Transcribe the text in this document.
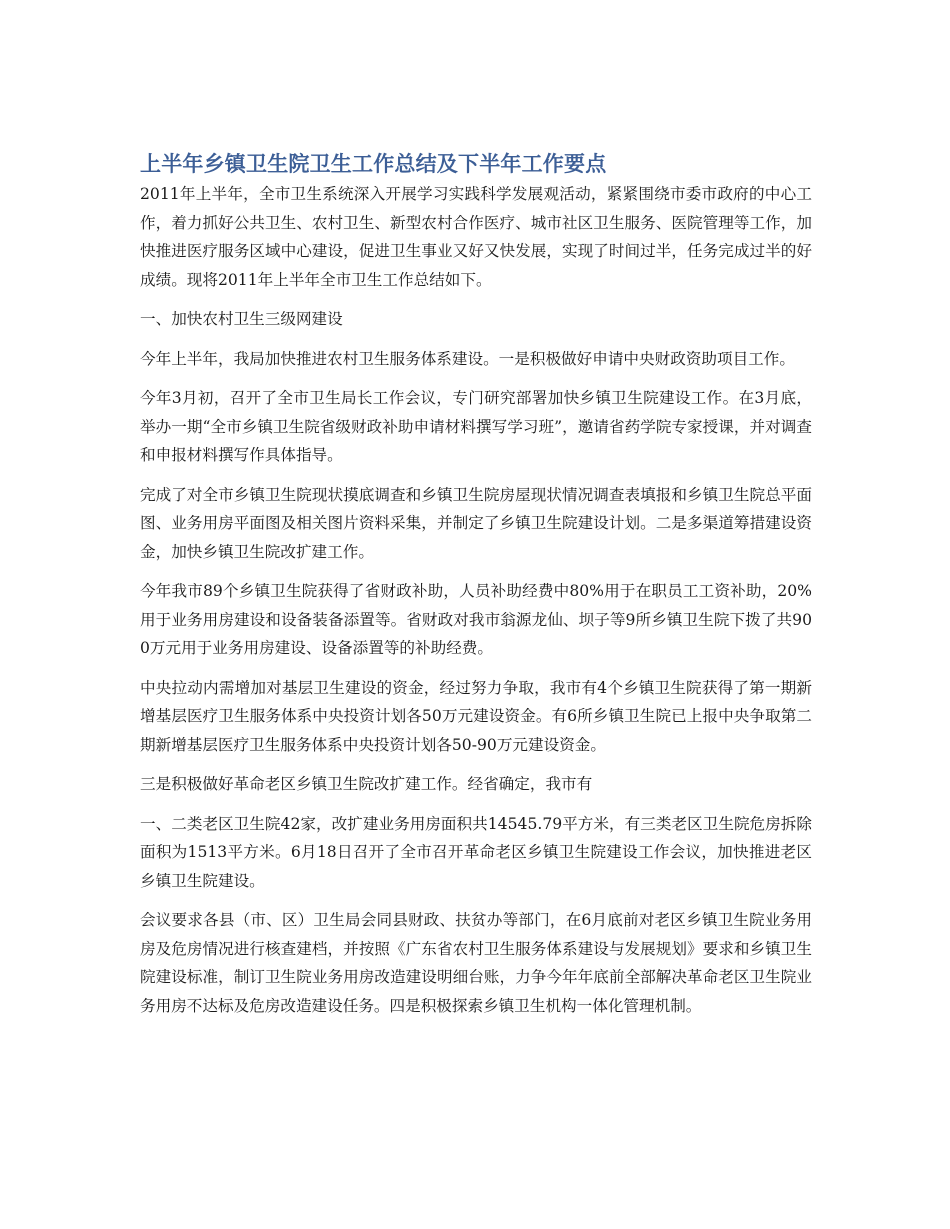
上半年乡镇卫生院卫生工作总结及下半年工作要点

2011年上半年，全市卫生系统深入开展学习实践科学发展观活动，紧紧围绕市委市政府的中心工作，着力抓好公共卫生、农村卫生、新型农村合作医疗、城市社区卫生服务、医院管理等工作，加快推进医疗服务区域中心建设，促进卫生事业又好又快发展，实现了时间过半，任务完成过半的好成绩。现将2011年上半年全市卫生工作总结如下。

一、加快农村卫生三级网建设

今年上半年，我局加快推进农村卫生服务体系建设。一是积极做好申请中央财政资助项目工作。

今年3月初，召开了全市卫生局长工作会议，专门研究部署加快乡镇卫生院建设工作。在3月底，举办一期“全市乡镇卫生院省级财政补助申请材料撰写学习班”，邀请省药学院专家授课，并对调查和申报材料撰写作具体指导。

完成了对全市乡镇卫生院现状摸底调查和乡镇卫生院房屋现状情况调查表填报和乡镇卫生院总平面图、业务用房平面图及相关图片资料采集，并制定了乡镇卫生院建设计划。二是多渠道筹措建设资金，加快乡镇卫生院改扩建工作。

今年我市89个乡镇卫生院获得了省财政补助，人员补助经费中80%用于在职员工工资补助，20%用于业务用房建设和设备装备添置等。省财政对我市翁源龙仙、坝子等9所乡镇卫生院下拨了共900万元用于业务用房建设、设备添置等的补助经费。

中央拉动内需增加对基层卫生建设的资金，经过努力争取，我市有4个乡镇卫生院获得了第一期新增基层医疗卫生服务体系中央投资计划各50万元建设资金。有6所乡镇卫生院已上报中央争取第二期新增基层医疗卫生服务体系中央投资计划各50-90万元建设资金。

三是积极做好革命老区乡镇卫生院改扩建工作。经省确定，我市有

一、二类老区卫生院42家，改扩建业务用房面积共14545.79平方米，有三类老区卫生院危房拆除面积为1513平方米。6月18日召开了全市召开革命老区乡镇卫生院建设工作会议，加快推进老区乡镇卫生院建设。

会议要求各县（市、区）卫生局会同县财政、扶贫办等部门，在6月底前对老区乡镇卫生院业务用房及危房情况进行核查建档，并按照《广东省农村卫生服务体系建设与发展规划》要求和乡镇卫生院建设标准，制订卫生院业务用房改造建设明细台账，力争今年年底前全部解决革命老区卫生院业务用房不达标及危房改造建设任务。四是积极探索乡镇卫生机构一体化管理机制。
